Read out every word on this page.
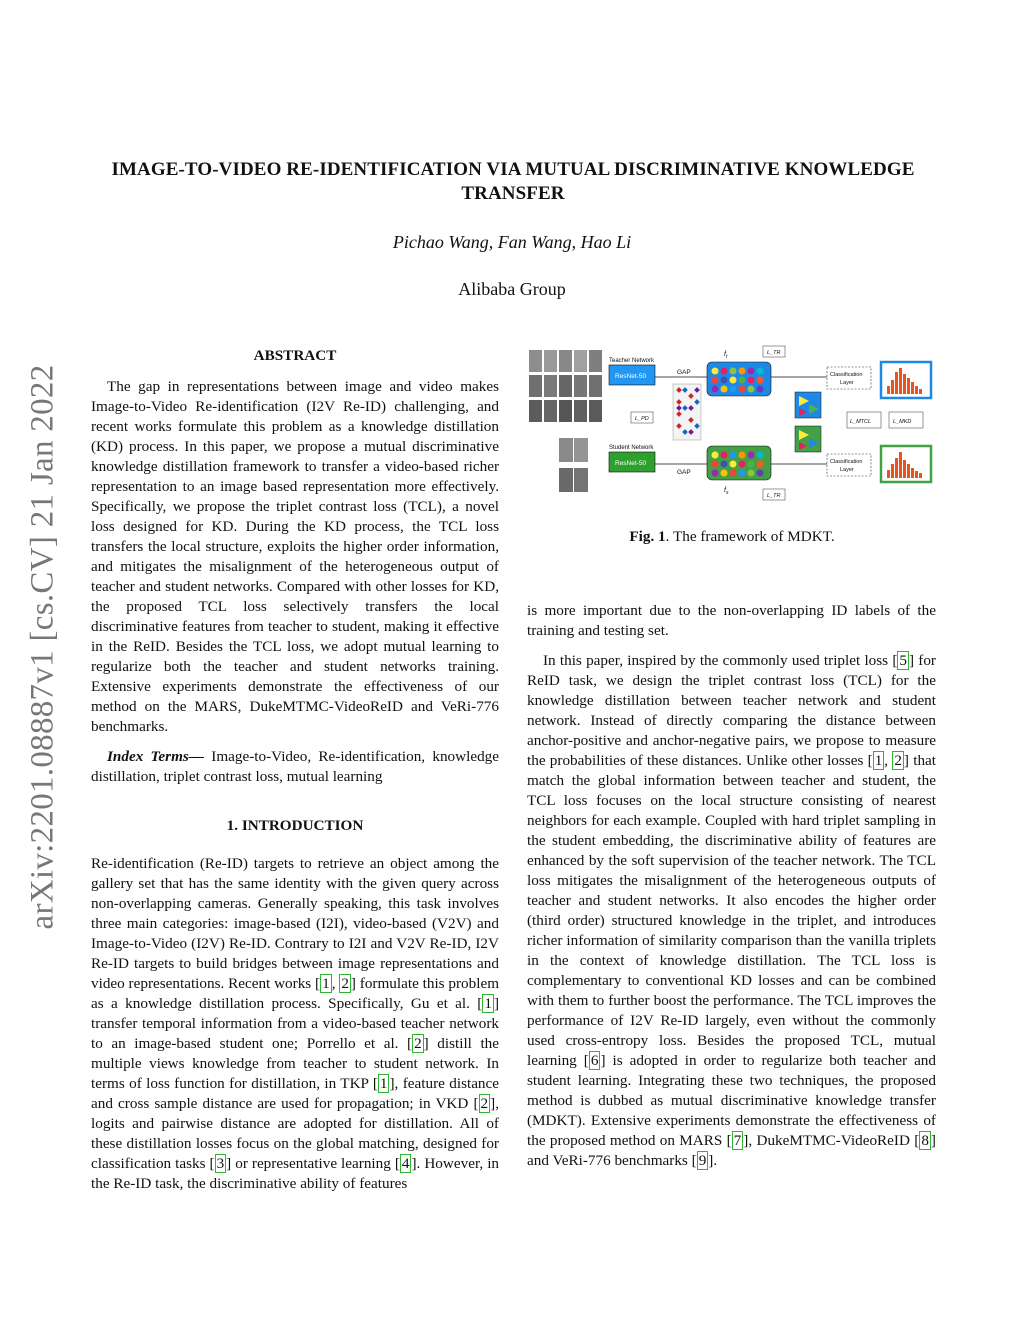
IMAGE-TO-VIDEO RE-IDENTIFICATION VIA MUTUAL DISCRIMINATIVE KNOWLEDGE TRANSFER
Pichao Wang, Fan Wang, Hao Li
Alibaba Group
arXiv:2201.08887v1 [cs.CV] 21 Jan 2022
ABSTRACT

The gap in representations between image and video makes Image-to-Video Re-identification (I2V Re-ID) challenging, and recent works formulate this problem as a knowledge distillation (KD) process. In this paper, we propose a mutual discriminative knowledge distillation framework to transfer a video-based richer representation to an image based representation more effectively. Specifically, we propose the triplet contrast loss (TCL), a novel loss designed for KD. During the KD process, the TCL loss transfers the local structure, exploits the higher order information, and mitigates the misalignment of the heterogeneous output of teacher and student networks. Compared with other losses for KD, the proposed TCL loss selectively transfers the local discriminative features from teacher to student, making it effective in the ReID. Besides the TCL loss, we adopt mutual learning to regularize both the teacher and student networks training. Extensive experiments demonstrate the effectiveness of our method on the MARS, DukeMTMC-VideoReID and VeRi-776 benchmarks.

Index Terms— Image-to-Video, Re-identification, knowledge distillation, triplet contrast loss, mutual learning

1. INTRODUCTION

Re-identification (Re-ID) targets to retrieve an object among the gallery set that has the same identity with the given query across non-overlapping cameras. Generally speaking, this task involves three main categories: image-based (I2I), video-based (V2V) and Image-to-Video (I2V) Re-ID. Contrary to I2I and V2V Re-ID, I2V Re-ID targets to build bridges between image representations and video representations. Recent works [ 1 , 2 ] formulate this problem as a knowledge distillation process. Specifically, Gu et al. [ 1 ] transfer temporal information from a video-based teacher network to an image-based student one; Porrello et al. [ 2 ] distill the multiple views knowledge from teacher to student network. In terms of loss function for distillation, in TKP [ 1 ], feature distance and cross sample distance are used for propagation; in VKD [ 2 ], logits and pairwise distance are adopted for distillation. All of these distillation losses focus on the global matching, designed for classification tasks [ 3 ] or representative learning [ 4 ]. However, in the Re-ID task, the discriminative ability of features

Teacher Network
ResNet-50
Student Network
ResNet-50
GAP
GAP
L_PD
$f_t$
$f_s$
L_TR
L_TR
L_MTCL	L_MKD
Classification
Layer
Classification
Layer
Fig. 1. The framework of MDKT.

is more important due to the non-overlapping ID labels of the training and testing set.

In this paper, inspired by the commonly used triplet loss [ 5 ] for ReID task, we design the triplet contrast loss (TCL) for the knowledge distillation between teacher network and student network. Instead of directly comparing the distance between anchor-positive and anchor-negative pairs, we propose to measure the probabilities of these distances. Unlike other losses [ 1 , 2 ] that match the global information between teacher and student, the TCL loss focuses on the local structure consisting of nearest neighbors for each example. Coupled with hard triplet sampling in the student embedding, the discriminative ability of features are enhanced by the soft supervision of the teacher network. The TCL loss mitigates the misalignment of the heterogeneous outputs of teacher and student networks. It also encodes the higher order (third order) structured knowledge in the triplet, and introduces richer information of similarity comparison than the vanilla triplets in the context of knowledge distillation. The TCL loss is complementary to conventional KD losses and can be combined with them to further boost the performance. The TCL improves the performance of I2V Re-ID largely, even without the commonly used cross-entropy loss. Besides the proposed TCL, mutual learning [ 6 ] is adopted in order to regularize both teacher and student learning. Integrating these two techniques, the proposed method is dubbed as mutual discriminative knowledge transfer (MDKT). Extensive experiments demonstrate the effectiveness of the proposed method on MARS [ 7 ], DukeMTMC-VideoReID [ 8 ] and VeRi-776 benchmarks [ 9 ].
